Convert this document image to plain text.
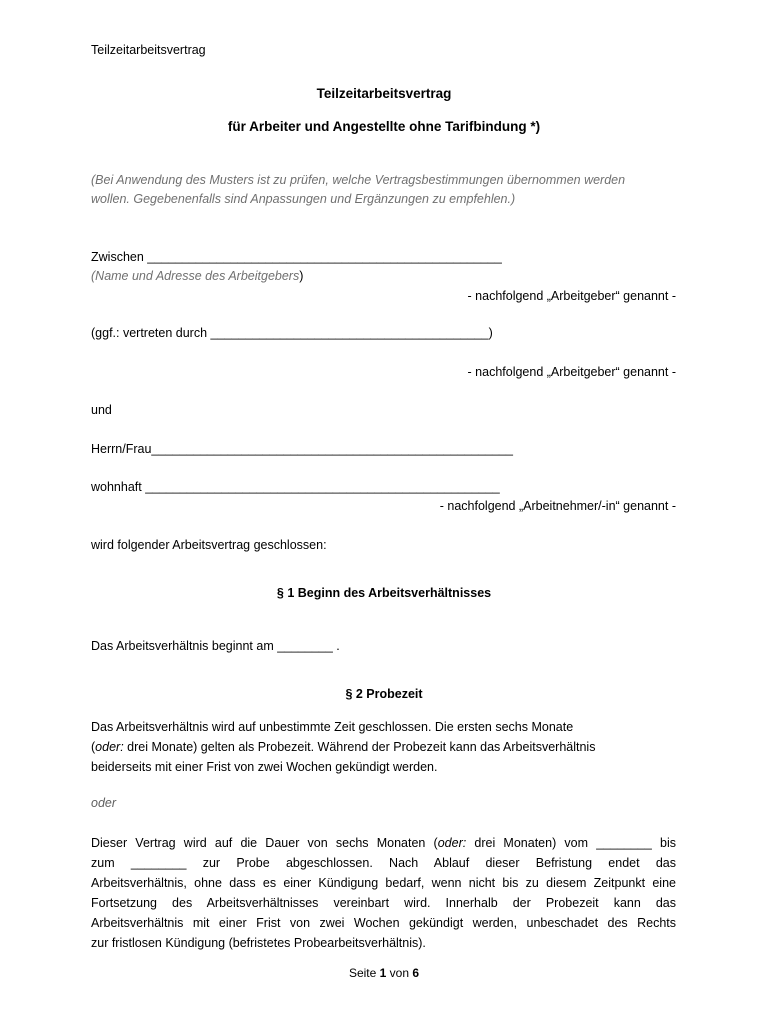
Teilzeitarbeitsvertrag
Teilzeitarbeitsvertrag
für Arbeiter und Angestellte ohne Tarifbindung *)
(Bei Anwendung des Musters ist zu prüfen, welche Vertragsbestimmungen übernommen werden
wollen. Gegebenenfalls sind Anpassungen und Ergänzungen zu empfehlen.)
Zwischen ___________________________________________________
(Name und Adresse des Arbeitgebers)
- nachfolgend „Arbeitgeber“ genannt -
(ggf.: vertreten durch ________________________________________)
- nachfolgend „Arbeitgeber“ genannt -
und
Herrn/Frau____________________________________________________
wohnhaft ___________________________________________________
- nachfolgend „Arbeitnehmer/-in“ genannt -
wird folgender Arbeitsvertrag geschlossen:
§ 1 Beginn des Arbeitsverhältnisses
Das Arbeitsverhältnis beginnt am ________ .
§ 2 Probezeit
Das Arbeitsverhältnis wird auf unbestimmte Zeit geschlossen. Die ersten sechs Monate
(oder: drei Monate) gelten als Probezeit. Während der Probezeit kann das Arbeitsverhältnis
beiderseits mit einer Frist von zwei Wochen gekündigt werden.
oder
Dieser Vertrag wird auf die Dauer von sechs Monaten (oder: drei Monaten) vom ________ bis
zum ________ zur Probe abgeschlossen. Nach Ablauf dieser Befristung endet das
Arbeitsverhältnis, ohne dass es einer Kündigung bedarf, wenn nicht bis zu diesem Zeitpunkt eine
Fortsetzung des Arbeitsverhältnisses vereinbart wird. Innerhalb der Probezeit kann das
Arbeitsverhältnis mit einer Frist von zwei Wochen gekündigt werden, unbeschadet des Rechts
zur fristlosen Kündigung (befristetes Probearbeitsverhältnis).
Seite 1 von 6
